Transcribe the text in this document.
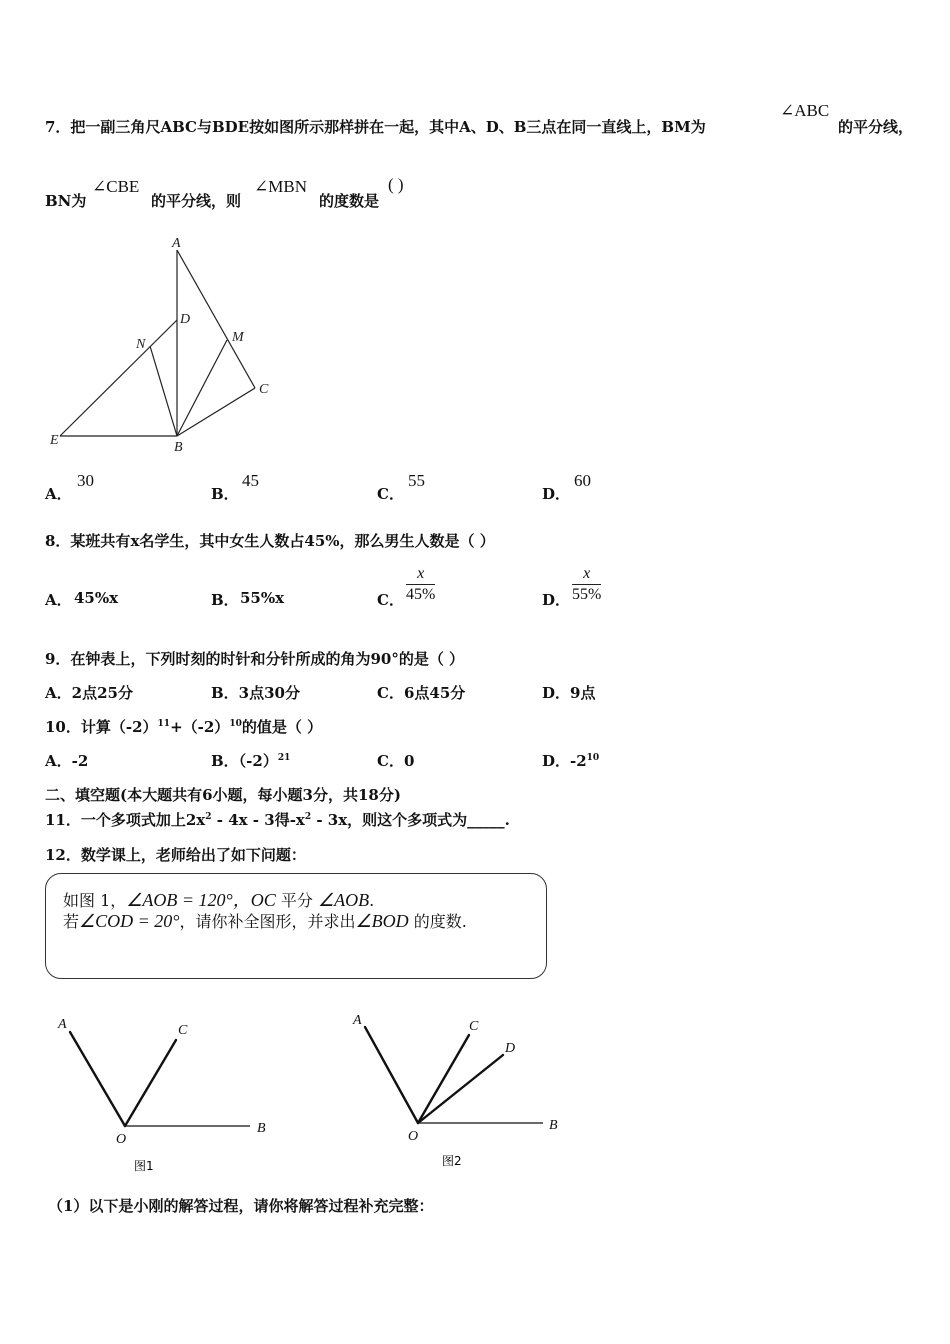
7．把一副三角尺ABC与BDE按如图所示那样拼在一起，其中A、D、B三点在同一直线上，BM为
∠ABC
的平分线，
BN为
∠CBE
的平分线，则
∠MBN
的度数是
( )
A
D
N	M
C
E	B
A．
30
B．
45
C．
55
D．
60
8．某班共有x名学生，其中女生人数占45%，那么男生人数是（ ）
A． 45%x	B． 55%x	C． $\frac{x}{45\%}$	D． $\frac{x}{55\%}$
9．在钟表上，下列时刻的时针和分针所成的角为90°的是（ ）
A．2点25分	B．3点30分	C．6点45分	D．9点
10．计算$(-2)^{11}+(-2)^{10}$的值是（ ）
A．-2	B．$(-2)^{21}$	C．0	D．$-2^{10}$
二、填空题(本大题共有6小题，每小题3分，共18分)
11．一个多项式加上$2x^2 - 4x - 3$得$-x^2 - 3x$，则这个多项式为_____.
12．数学课上，老师给出了如下问题：
如图 1，∠AOB = 120°，OC 平分 ∠AOB.
若∠COD = 20°，请你补全图形，并求出∠BOD 的度数.
A	C
O
B
图1
A	C
D
O
B
图2
（1）以下是小刚的解答过程，请你将解答过程补充完整：
